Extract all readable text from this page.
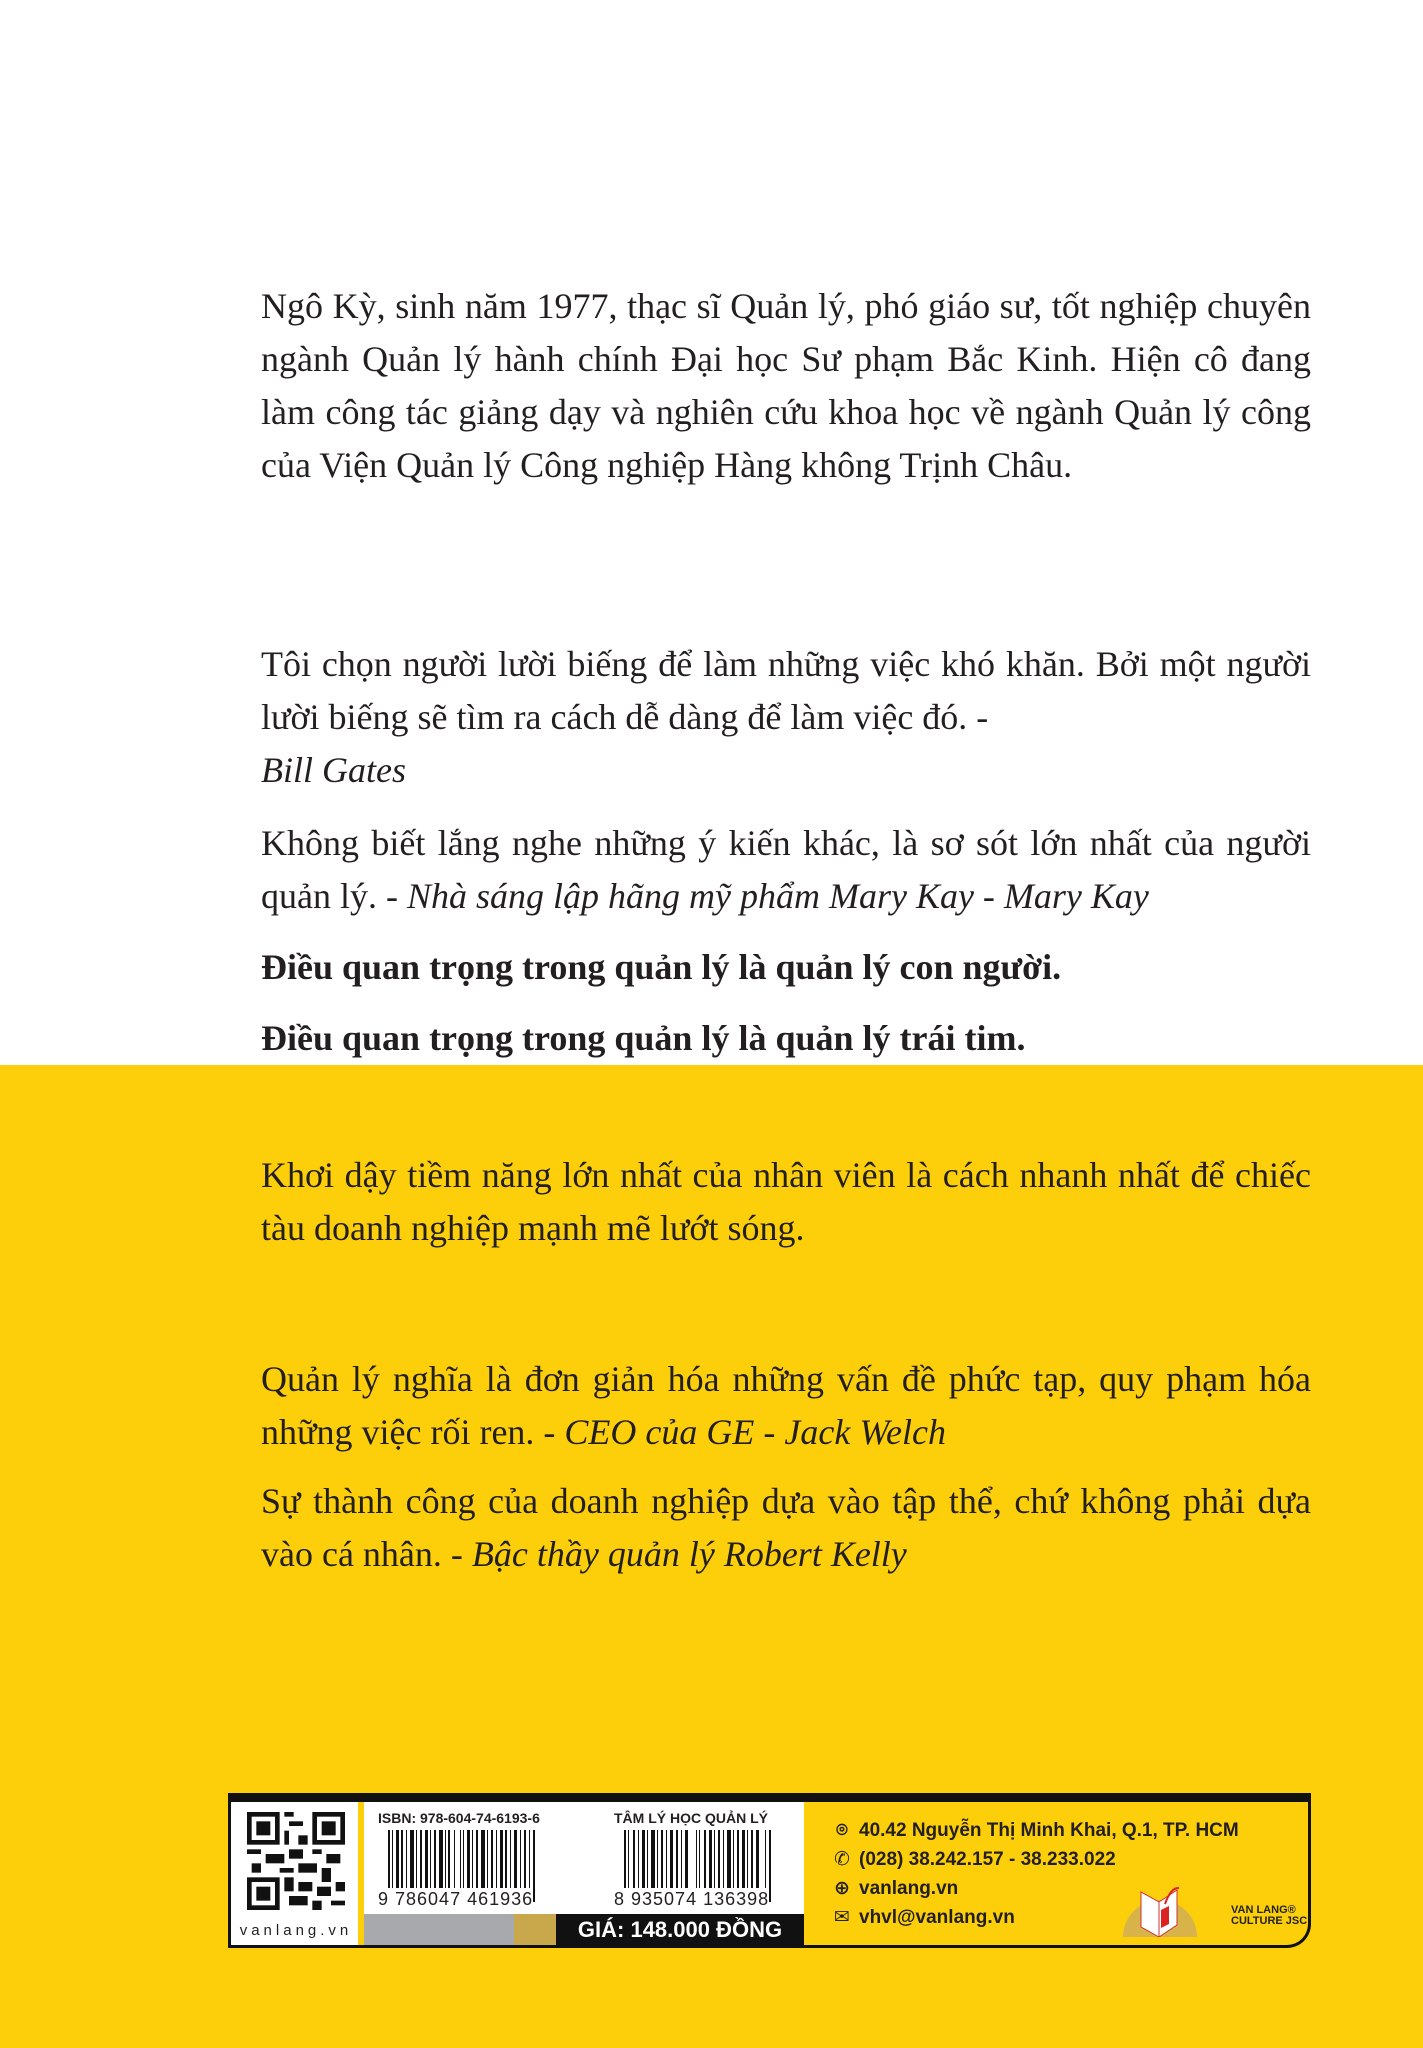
Ngô Kỳ, sinh năm 1977, thạc sĩ Quản lý, phó giáo sư, tốt nghiệp chuyên ngành Quản lý hành chính Đại học Sư phạm Bắc Kinh. Hiện cô đang làm công tác giảng dạy và nghiên cứu khoa học về ngành Quản lý công của Viện Quản lý Công nghiệp Hàng không Trịnh Châu.

Tôi chọn người lười biếng để làm những việc khó khăn. Bởi một người lười biếng sẽ tìm ra cách dễ dàng để làm việc đó. -
Bill Gates

Không biết lắng nghe những ý kiến khác, là sơ sót lớn nhất của người quản lý. - Nhà sáng lập hãng mỹ phẩm Mary Kay - Mary Kay

Điều quan trọng trong quản lý là quản lý con người.

Điều quan trọng trong quản lý là quản lý trái tim.

Khơi dậy tiềm năng lớn nhất của nhân viên là cách nhanh nhất để chiếc tàu doanh nghiệp mạnh mẽ lướt sóng.

Quản lý nghĩa là đơn giản hóa những vấn đề phức tạp, quy phạm hóa những việc rối ren. - CEO của GE - Jack Welch

Sự thành công của doanh nghiệp dựa vào tập thể, chứ không phải dựa vào cá nhân. - Bậc thầy quản lý Robert Kelly

vanlang.vn
ISBN: 978-604-74-6193-6	TÂM LÝ HỌC QUẢN LÝ
9 786047 461936	8 935074 136398
GIÁ: 148.000 ĐỒNG
⌾ 40.42 Nguyễn Thị Minh Khai, Q.1, TP. HCM
✆ (028) 38.242.157 - 38.233.022
⊕ vanlang.vn
✉ vhvl@vanlang.vn	VAN LANG®
CULTURE JSC
